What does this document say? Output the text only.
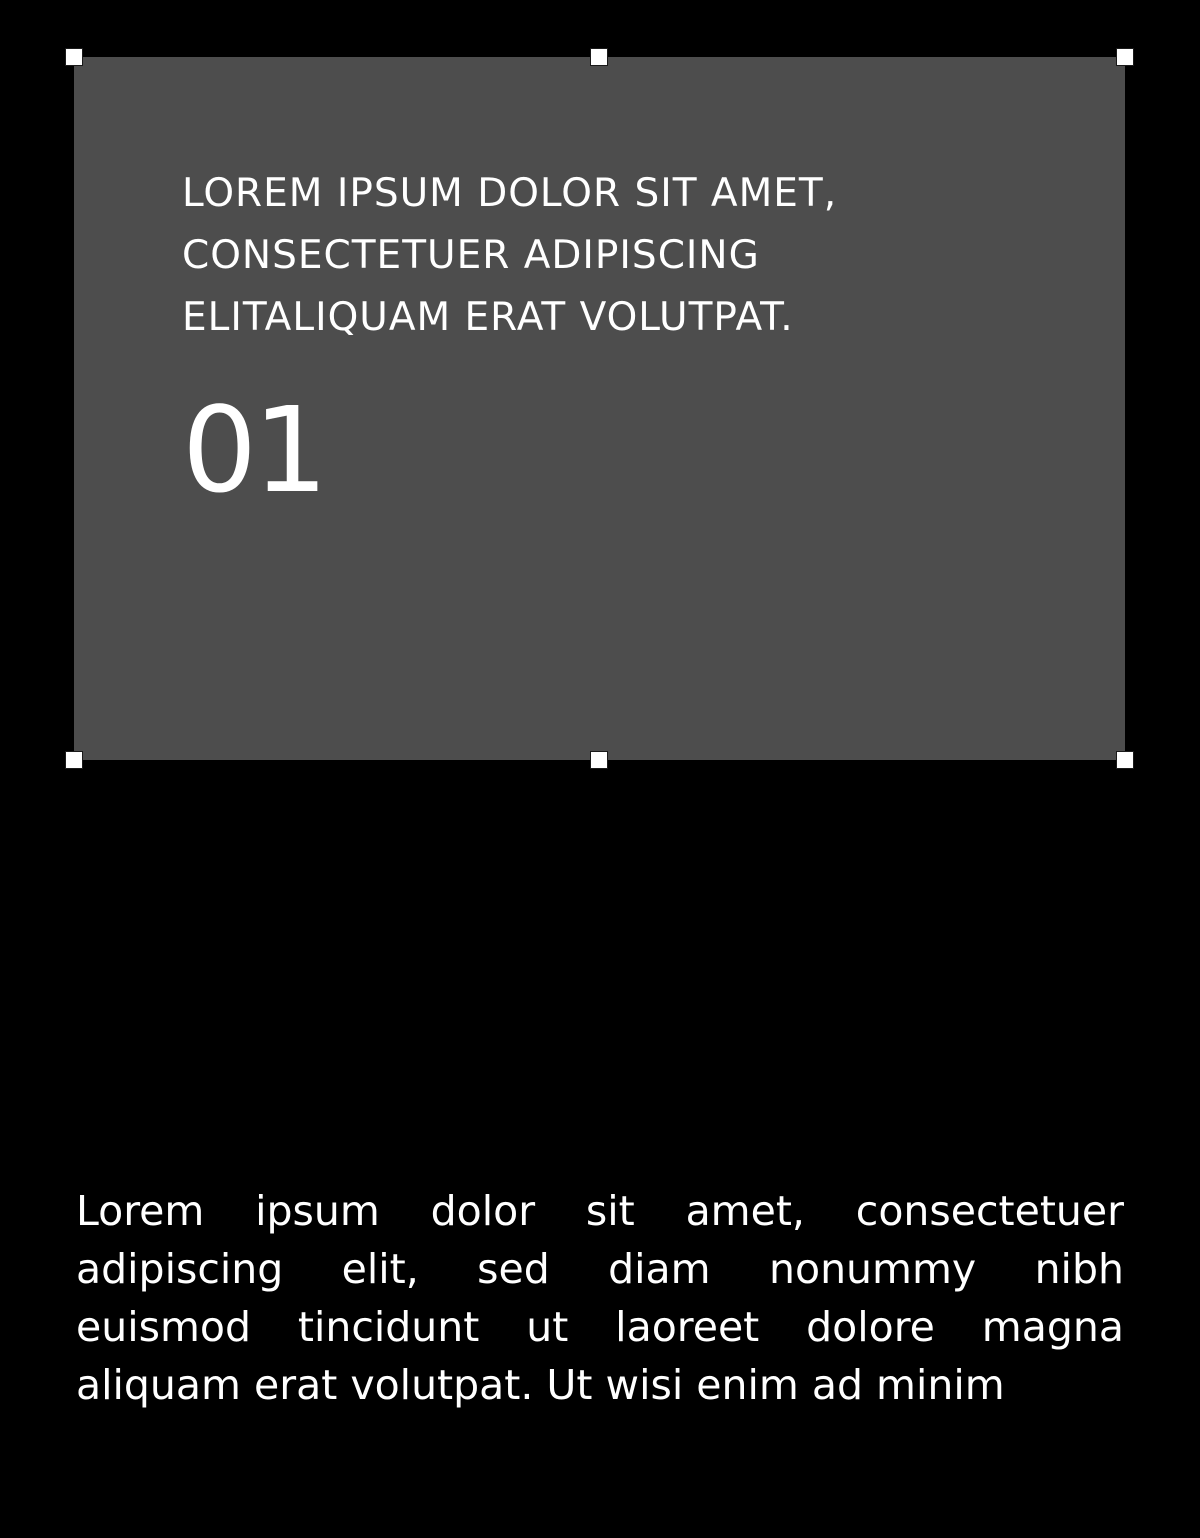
LOREM IPSUM DOLOR SIT AMET,
CONSECTETUER ADIPISCING
ELITALIQUAM ERAT VOLUTPAT.
01
Lorem ipsum dolor sit amet, consectetuer
adipiscing elit, sed diam nonummy nibh
euismod tincidunt ut laoreet dolore magna
aliquam erat volutpat. Ut wisi enim ad minim
